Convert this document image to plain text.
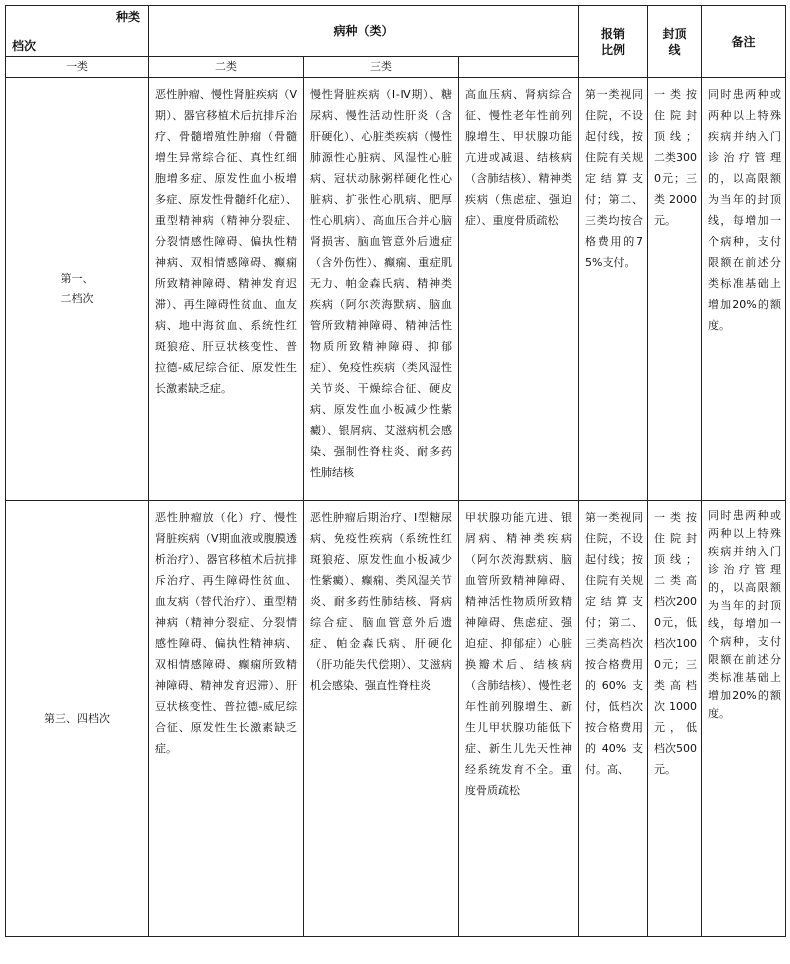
种类
档次	病种（类）			报销比例	封顶线	备注
一类	二类	三类				

第一、二档次	恶性肿瘤、慢性肾脏疾病（Ⅴ期）、器官移植术后抗排斥治疗、骨髓增殖性肿瘤（骨髓增生异常综合征、真性红细胞增多症、原发性血小板增多症、原发性骨髓纤化症）、重型精神病（精神分裂症、分裂情感性障碍、偏执性精神病、双相情感障碍、癫痫所致精神障碍、精神发育迟滞）、再生障碍性贫血、血友病、地中海贫血、系统性红斑狼疮、肝豆状核变性、普拉德-威尼综合征、原发性生长激素缺乏症。	慢性肾脏疾病（Ⅰ-Ⅳ期）、糖尿病、慢性活动性肝炎（含肝硬化）、心脏类疾病（慢性肺源性心脏病、风湿性心脏病、冠状动脉粥样硬化性心脏病、扩张性心肌病、肥厚性心肌病）、高血压合并心脑肾损害、脑血管意外后遗症（含外伤性）、癫痫、重症肌无力、帕金森氏病、精神类疾病（阿尔茨海默病、脑血管所致精神障碍、精神活性物质所致精神障碍、抑郁症）、免疫性疾病（类风湿性关节炎、干燥综合征、硬皮病、原发性血小板减少性紫癜）、银屑病、艾滋病机会感染、强制性脊柱炎、耐多药性肺结核	高血压病、肾病综合征、慢性老年性前列腺增生、甲状腺功能亢进或减退、结核病（含肺结核）、精神类疾病（焦虑症、强迫症）、重度骨质疏松	第一类视同住院，不设起付线，按住院有关规定结算支付；第二、三类均按合格费用的75%支付。	一类按住院封顶线；二类3000元；三类2000元。	同时患两种或两种以上特殊疾病并纳入门诊治疗管理的，以高限额为当年的封顶线，每增加一个病种，支付限额在前述分类标准基础上增加20%的额度。
第三、四档次	恶性肿瘤放（化）疗、慢性肾脏疾病（Ⅴ期血液或腹膜透析治疗）、器官移植术后抗排斥治疗、再生障碍性贫血、血友病（替代治疗）、重型精神病（精神分裂症、分裂情感性障碍、偏执性精神病、双相情感障碍、癫痫所致精神障碍、精神发育迟滞）、肝豆状核变性、普拉德-威尼综合征、原发性生长激素缺乏症。	恶性肿瘤后期治疗、Ⅰ型糖尿病、免疫性疾病（系统性红斑狼疮、原发性血小板减少性紫癜）、癫痫、类风湿关节炎、耐多药性肺结核、肾病综合症、脑血管意外后遗症、帕金森氏病、肝硬化（肝功能失代偿期）、艾滋病机会感染、强直性脊柱炎	甲状腺功能亢进、银屑病、精神类疾病（阿尔茨海默病、脑血管所致精神障碍、精神活性物质所致精神障碍、焦虑症、强迫症、抑郁症）心脏换瓣术后、结核病（含肺结核）、慢性老年性前列腺增生、新生儿甲状腺功能低下症、新生儿先天性神经系统发育不全。重度骨质疏松	第一类视同住院，不设起付线；按住院有关规定结算支付；第二、三类高档次按合格费用的60%支付，低档次按合格费用的40%支付。高、	一类按住院封顶线；二类高档次2000元，低档次1000元；三类高档次1000元，低档次500元。	同时患两种或两种以上特殊疾病并纳入门诊治疗管理的，以高限额为当年的封顶线，每增加一个病种，支付限额在前述分类标准基础上增加20%的额度。
